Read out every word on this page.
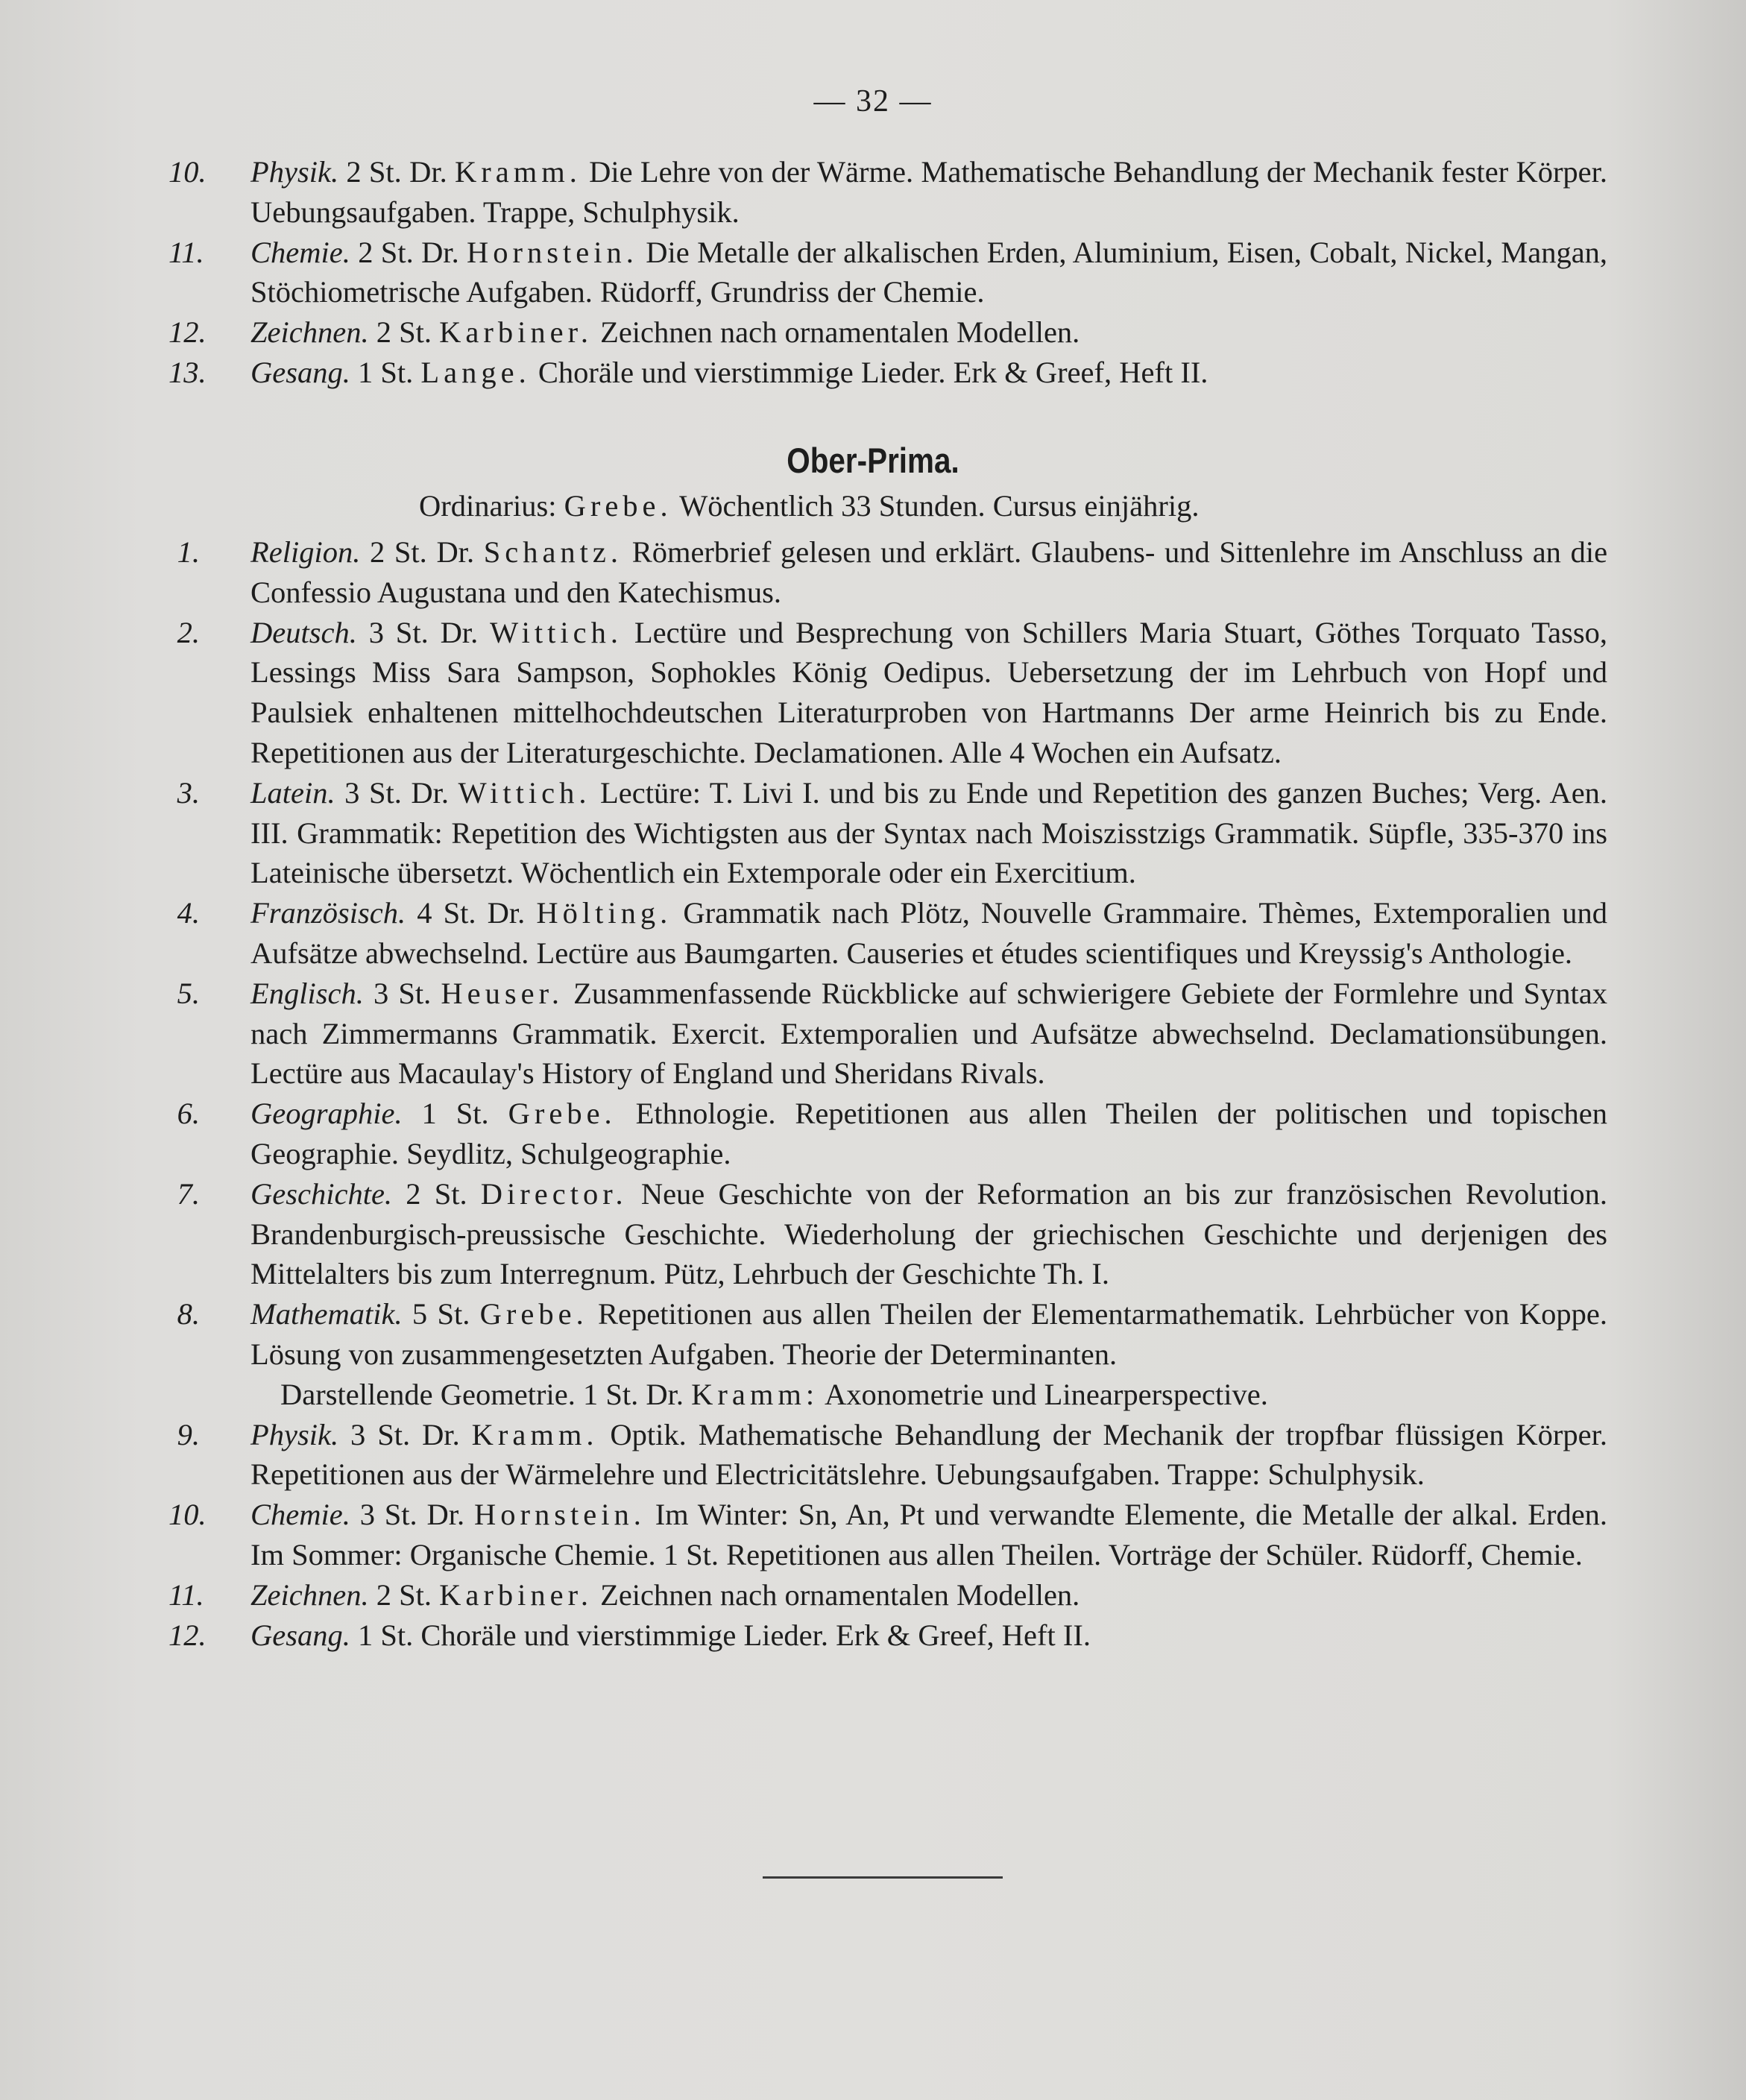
— 32 —

10. Physik. 2 St. Dr. Kramm. Die Lehre von der Wärme. Mathematische Behandlung der Mechanik fester Körper. Uebungsaufgaben. Trappe, Schulphysik.

11. Chemie. 2 St. Dr. Hornstein. Die Metalle der alkalischen Erden, Aluminium, Eisen, Cobalt, Nickel, Mangan, Stöchiometrische Aufgaben. Rüdorff, Grundriss der Chemie.

12. Zeichnen. 2 St. Karbiner. Zeichnen nach ornamentalen Modellen.

13. Gesang. 1 St. Lange. Choräle und vierstimmige Lieder. Erk & Greef, Heft II.

Ober-Prima.
Ordinarius: Grebe. Wöchentlich 33 Stunden. Cursus einjährig.

1. Religion. 2 St. Dr. Schantz. Römerbrief gelesen und erklärt. Glaubens- und Sittenlehre im Anschluss an die Confessio Augustana und den Katechismus.

2. Deutsch. 3 St. Dr. Wittich. Lectüre und Besprechung von Schillers Maria Stuart, Göthes Torquato Tasso, Lessings Miss Sara Sampson, Sophokles König Oedipus. Uebersetzung der im Lehrbuch von Hopf und Paulsiek enhaltenen mittelhochdeutschen Literaturproben von Hartmanns Der arme Heinrich bis zu Ende. Repetitionen aus der Literaturgeschichte. Declamationen. Alle 4 Wochen ein Aufsatz.

3. Latein. 3 St. Dr. Wittich. Lectüre: T. Livi I. und bis zu Ende und Repetition des ganzen Buches; Verg. Aen. III. Grammatik: Repetition des Wichtigsten aus der Syntax nach Moiszisstzigs Grammatik. Süpfle, 335-370 ins Lateinische übersetzt. Wöchentlich ein Extemporale oder ein Exercitium.

4. Französisch. 4 St. Dr. Hölting. Grammatik nach Plötz, Nouvelle Grammaire. Thèmes, Extemporalien und Aufsätze abwechselnd. Lectüre aus Baumgarten. Causeries et études scientifiques und Kreyssig's Anthologie.

5. Englisch. 3 St. Heuser. Zusammenfassende Rückblicke auf schwierigere Gebiete der Formlehre und Syntax nach Zimmermanns Grammatik. Exercit. Extemporalien und Aufsätze abwechselnd. Declamationsübungen. Lectüre aus Macaulay's History of England und Sheridans Rivals.

6. Geographie. 1 St. Grebe. Ethnologie. Repetitionen aus allen Theilen der politischen und topischen Geographie. Seydlitz, Schulgeographie.

7. Geschichte. 2 St. Director. Neue Geschichte von der Reformation an bis zur französischen Revolution. Brandenburgisch-preussische Geschichte. Wiederholung der griechischen Geschichte und derjenigen des Mittelalters bis zum Interregnum. Pütz, Lehrbuch der Geschichte Th. I.

8. Mathematik. 5 St. Grebe. Repetitionen aus allen Theilen der Elementarmathematik. Lehrbücher von Koppe. Lösung von zusammengesetzten Aufgaben. Theorie der Determinanten.
Darstellende Geometrie. 1 St. Dr. Kramm: Axonometrie und Linearperspective.

9. Physik. 3 St. Dr. Kramm. Optik. Mathematische Behandlung der Mechanik der tropfbar flüssigen Körper. Repetitionen aus der Wärmelehre und Electricitätslehre. Uebungsaufgaben. Trappe: Schulphysik.

10. Chemie. 3 St. Dr. Hornstein. Im Winter: Sn, An, Pt und verwandte Elemente, die Metalle der alkal. Erden. Im Sommer: Organische Chemie. 1 St. Repetitionen aus allen Theilen. Vorträge der Schüler. Rüdorff, Chemie.

11. Zeichnen. 2 St. Karbiner. Zeichnen nach ornamentalen Modellen.

12. Gesang. 1 St. Choräle und vierstimmige Lieder. Erk & Greef, Heft II.
